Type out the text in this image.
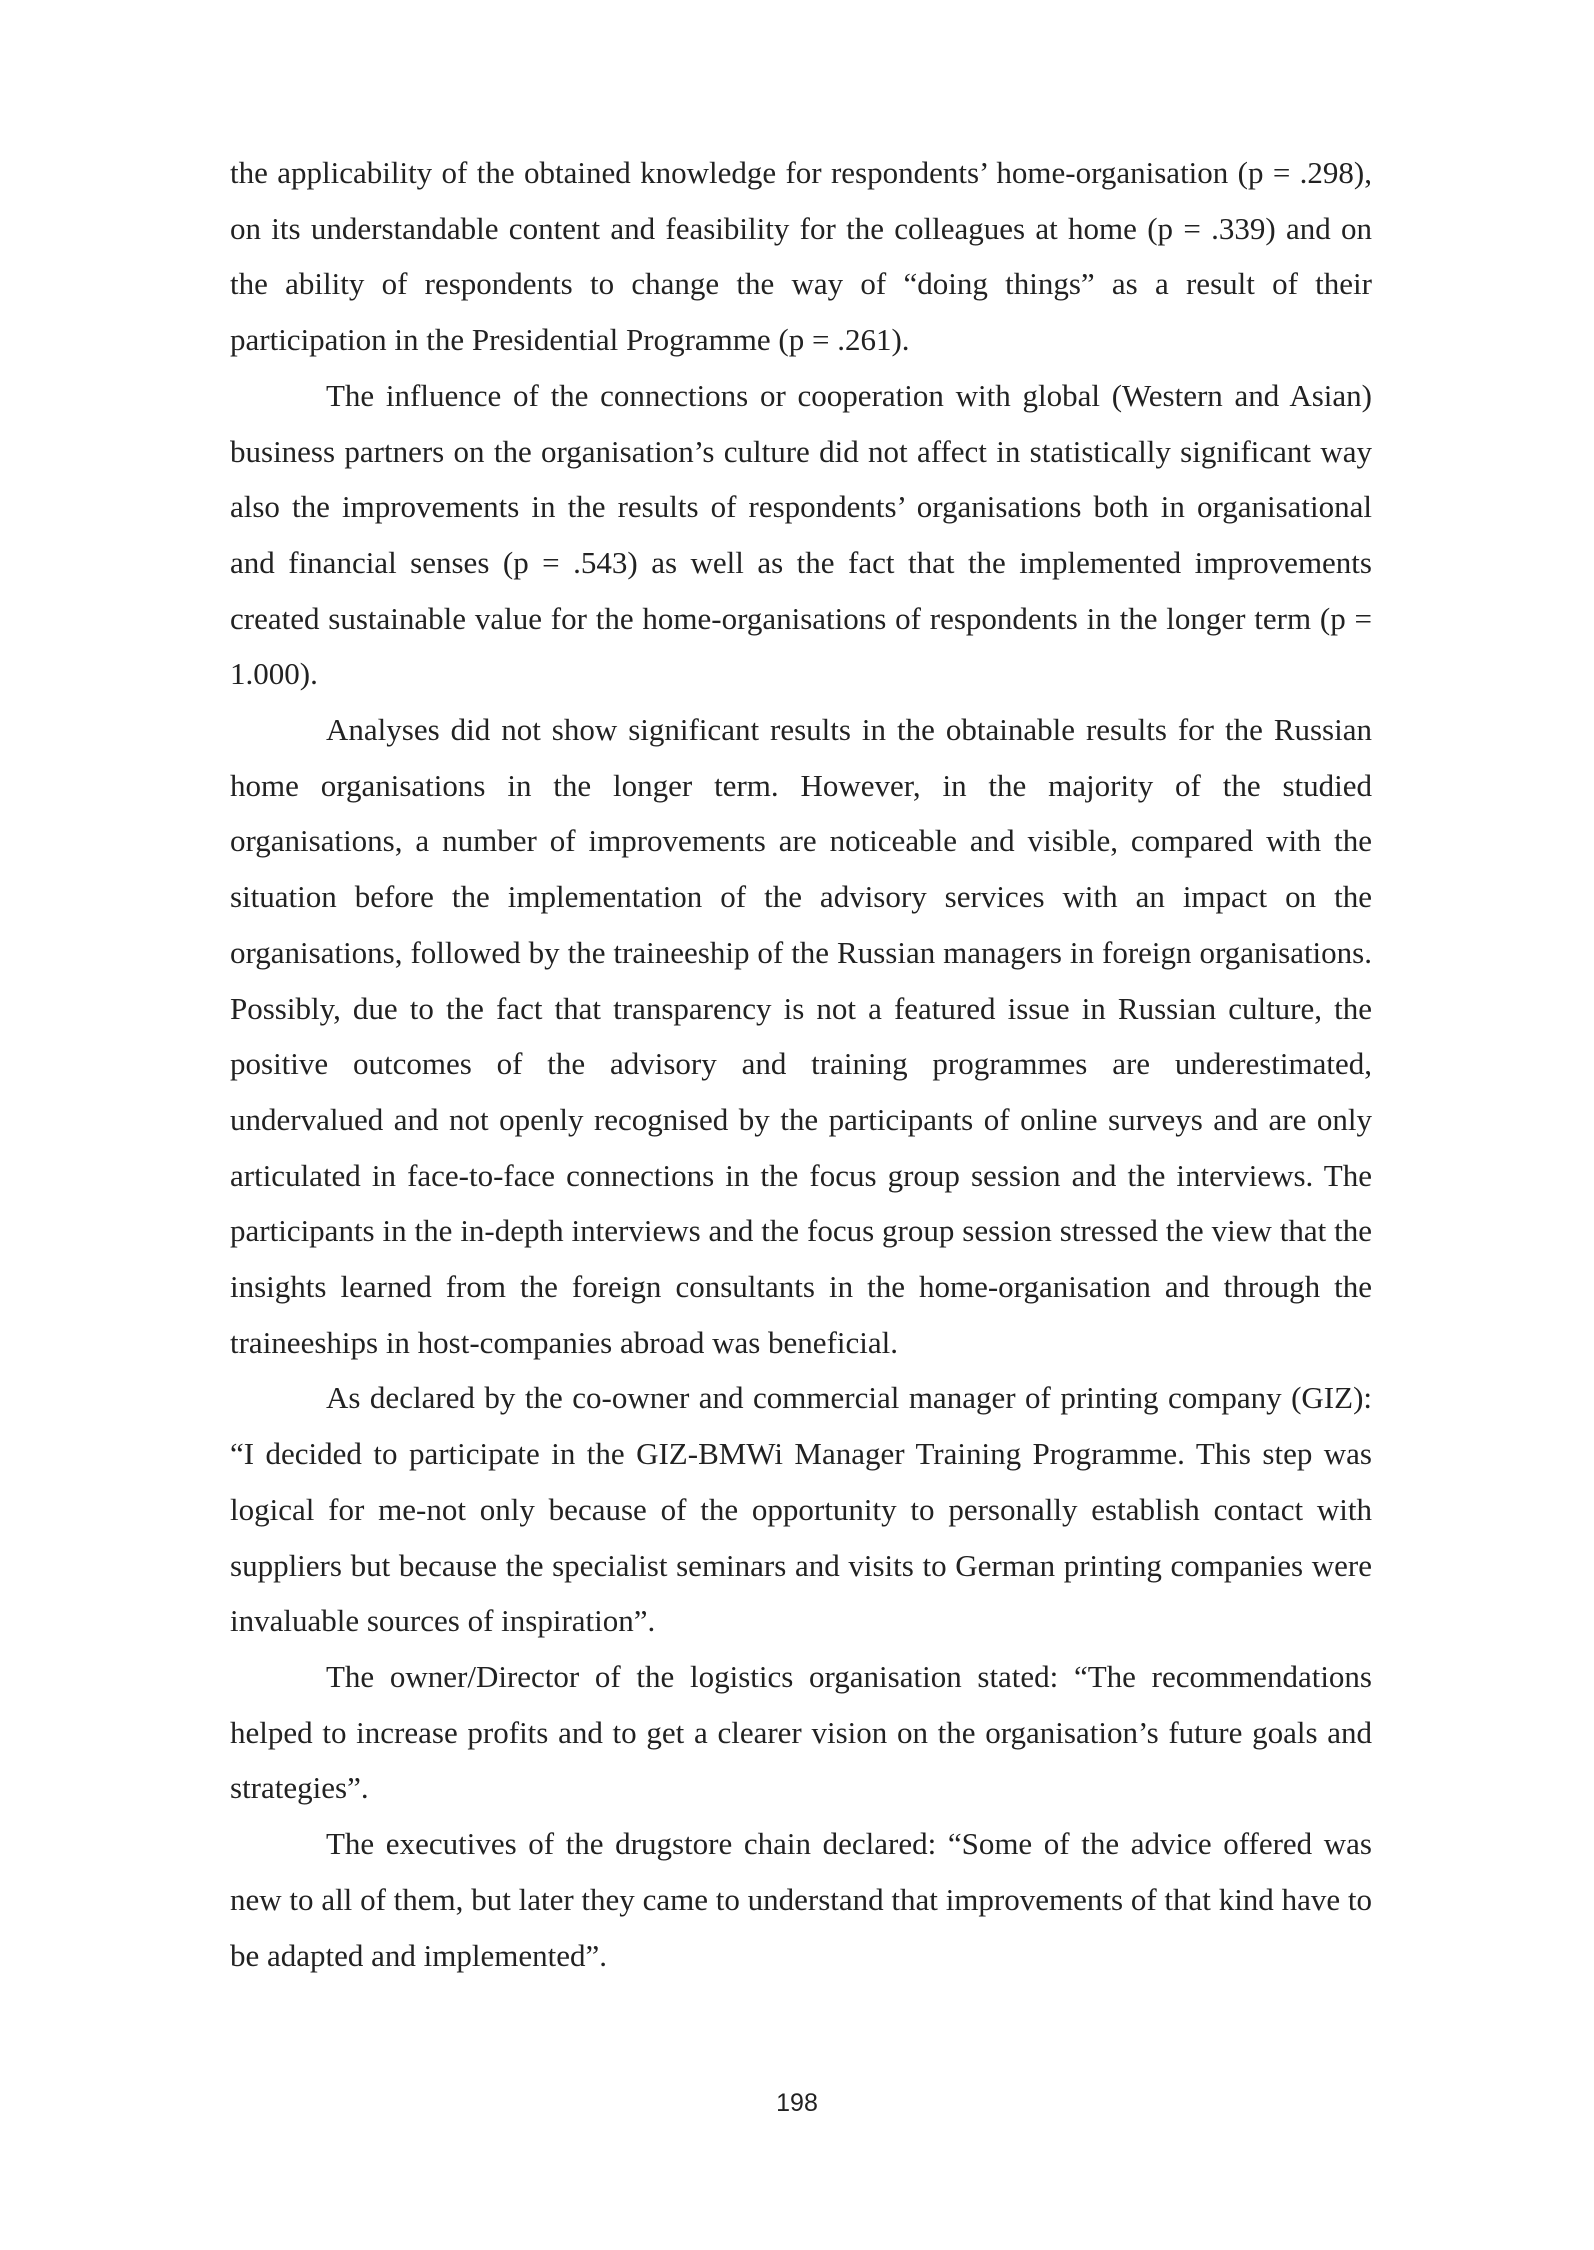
the applicability of the obtained knowledge for respondents’ home-organisation (p = .298), on its understandable content and feasibility for the colleagues at home (p = .339) and on the ability of respondents to change the way of “doing things” as a result of their participation in the Presidential Programme (p = .261).

The influence of the connections or cooperation with global (Western and Asian) business partners on the organisation’s culture did not affect in statistically significant way also the improvements in the results of respondents’ organisations both in organisational and financial senses (p = .543) as well as the fact that the implemented improvements created sustainable value for the home-organisations of respondents in the longer term (p = 1.000).

Analyses did not show significant results in the obtainable results for the Russian home organisations in the longer term. However, in the majority of the studied organisations, a number of improvements are noticeable and visible, compared with the situation before the implementation of the advisory services with an impact on the organisations, followed by the traineeship of the Russian managers in foreign organisations. Possibly, due to the fact that transparency is not a featured issue in Russian culture, the positive outcomes of the advisory and training programmes are underestimated, undervalued and not openly recognised by the participants of online surveys and are only articulated in face-to-face connections in the focus group session and the interviews. The participants in the in-depth interviews and the focus group session stressed the view that the insights learned from the foreign consultants in the home-organisation and through the traineeships in host-companies abroad was beneficial.

As declared by the co-owner and commercial manager of printing company (GIZ): “I decided to participate in the GIZ-BMWi Manager Training Programme. This step was logical for me-not only because of the opportunity to personally establish contact with suppliers but because the specialist seminars and visits to German printing companies were invaluable sources of inspiration”.

The owner/Director of the logistics organisation stated: “The recommendations helped to increase profits and to get a clearer vision on the organisation’s future goals and strategies”.

The executives of the drugstore chain declared: “Some of the advice offered was new to all of them, but later they came to understand that improvements of that kind have to be adapted and implemented”.

198
